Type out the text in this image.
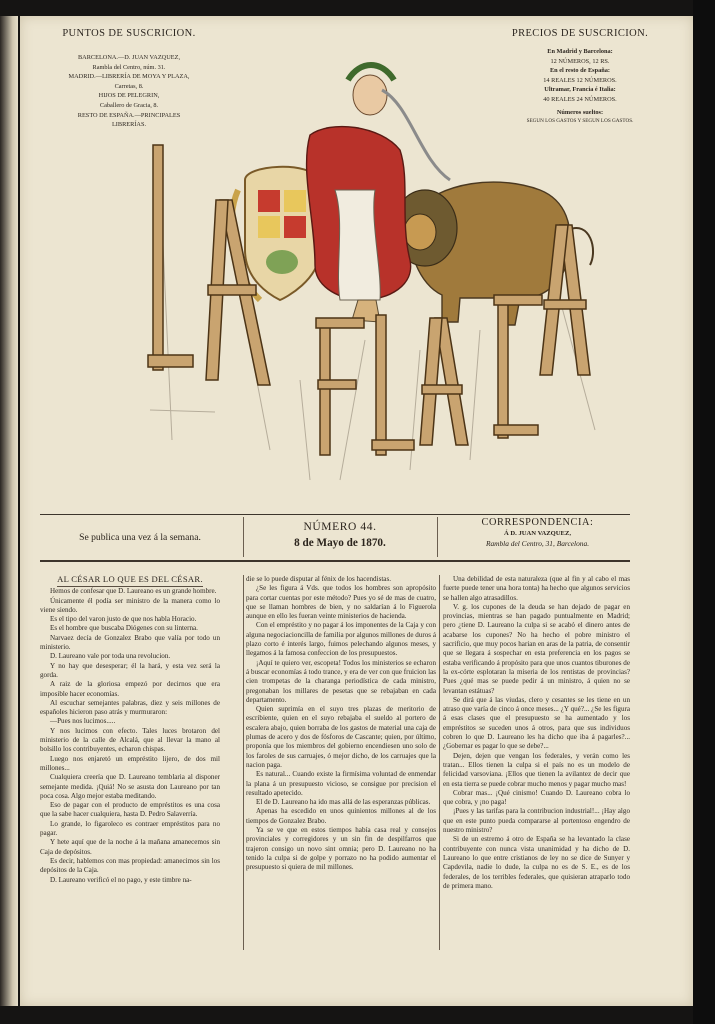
PUNTOS DE SUSCRICION.
BARCELONA.—D. JUAN VAZQUEZ,
Rambla del Centro, núm. 31.
MADRID.—LIBRERÍA DE MOYA Y PLAZA,
Carretas, 8.
HIJOS DE PELEGRIN,
Caballero de Gracia, 8.
RESTO DE ESPAÑA.—PRINCIPALES
LIBRERÍAS.
PRECIOS DE SUSCRICION.
En Madrid y Barcelona:
12 NÚMEROS, 12 RS.
En el resto de España:
14 REALES 12 NÚMEROS.
Ultramar, Francia é Italia:
40 REALES 24 NÚMEROS.
Números sueltos:
SEGUN LOS GASTOS Y SEGUN LOS GASTOS.
Se publica una vez á la semana.
NÚMERO 44.
8 de Mayo de 1870.
CORRESPONDENCIA:
Á D. JUAN VAZQUEZ,
Rambla del Centro, 31, Barcelona.

AL CÉSAR LO QUE ES DEL CÉSAR.

Hemos de confesar que D. Laureano es un grande hombre.

Únicamente él podía ser ministro de la manera como lo viene siendo.

Es el tipo del varon justo de que nos habla Horacio.

Es el hombre que buscaba Diógenes con su linterna.

Narvaez decía de Gonzalez Brabo que valía por todo un ministerio.

D. Laureano vale por toda una revolucion.

Y no hay que desesperar; él la hará, y esta vez será la gorda.

A raiz de la gloriosa empezó por decirnos que era imposible hacer economías.

Al escuchar semejantes palabras, diez y seis millones de españoles hicieron paso atrás y murmuraron:

—Pues nos lucimos.....

Y nos lucimos con efecto. Tales luces brotaron del ministerio de la calle de Alcalá, que al llevar la mano al bolsillo los contribuyentes, echaron chispas.

Luego nos enjaretó un empréstito lijero, de dos mil millones...

Cualquiera creería que D. Laureano temblaria al disponer semejante medida. ¡Quiá! No se asusta don Laureano por tan poca cosa. Algo mejor estaba meditando.

Eso de pagar con el producto de empréstitos es una cosa que la sabe hacer cualquiera, hasta D. Pedro Salaverría.

Lo grande, lo figaroleco es contraer empréstitos para no pagar.

Y hete aquí que de la noche á la mañana amanecemos sin Caja de depósitos.

Es decir, hablemos con mas propiedad: amanecimos sin los depósitos de la Caja.

D. Laureano verificó el no pago, y este timbre na-

die se lo puede disputar al fénix de los hacendistas.

¿Se les figura á Vds. que todos los hombres son apropósito para cortar cuentas por este método? Pues yo sé de mas de cuatro, que se llaman hombres de bien, y no saldarían á lo Figuerola aunque en ello les fueran veinte ministerios de hacienda.

Con el empréstito y no pagar á los imponentes de la Caja y con alguna negociacioncilla de familia por algunos millones de duros á plazo corto é interés largo, fuimos pelechando algunos meses, y llegamos á la famosa confeccion de los presupuestos.

¡Aquí te quiero ver, escopeta! Todos los ministerios se echaron á buscar economías á todo trance, y era de ver con que fruicion las cien trompetas de la charanga periodística de cada ministro, pregonaban los millares de pesetas que se rebajaban en cada departamento.

Quien suprimía en el suyo tres plazas de meritorio de escribiente, quien en el suyo rebajaba el sueldo al portero de escalera abajo, quien borraba de los gastos de material una caja de plumas de acero y dos de fósforos de Cascante; quien, por último, proponía que los miembros del gobierno encendiesen uno solo de los faroles de sus carruajes, ó mejor dicho, de los carruajes que la nacion paga.

Es natural... Cuando existe la firmísima voluntad de enmendar la plana á un presupuesto vicioso, se consigue por precision el resultado apetecido.

El de D. Laureano ha ido mas allá de las esperanzas públicas.

Apenas ha escedido en unos quinientos millones al de los tiempos de Gonzalez Brabo.

Ya se ve que en estos tiempos había casa real y consejos provinciales y corregidores y un sin fin de despilfarros que trajeron consigo un novo sint omnia; pero D. Laureano no ha tenido la culpa si de golpe y porrazo no ha podido aumentar el presupuesto si quiera de mil millones.

Una debilidad de esta naturaleza (que al fin y al cabo el mas fuerte puede tener una hora tonta) ha hecho que algunos servicios se hallen algo atrasadillos.

V. g. los cupones de la deuda se han dejado de pagar en provincias, mientras se han pagado puntualmente en Madrid; pero ¿tiene D. Laureano la culpa si se acabó el dinero antes de acabarse los cupones? No ha hecho el pobre ministro el sacrificio, que muy pocos harian en aras de la patria, de consentir que se llegara á sospechar en esta preferencia en los pagos se estaba verificando á propósito para que unos cuantos tiburones de la ex-córte esplotaran la miseria de los rentistas de provincias? Pues ¿qué mas se puede pedir á un ministro, á quien no se levantan estátuas?

Se dirá que á las viudas, clero y cesantes se les tiene en un atraso que varía de cinco á once meses... ¿Y qué?... ¿Se les figura á esas clases que el presupuesto se ha aumentado y los empréstitos se suceden unos á otros, para que sus individuos cobren lo que D. Laureano les ha dicho que iba á pagarles?... ¿Gobernar es pagar lo que se debe?...

Dejen, dejen que vengan los federales, y verán como les tratan... Ellos tienen la culpa si el país no es un modelo de felicidad varsoviana. ¡Ellos que tienen la avilantez de decir que en esta tierra se puede cobrar mucho menos y pagar mucho mas!

Cobrar mas... ¡Qué cinismo! Cuando D. Laureano cobra lo que cobra, y ¡no paga!

¡Pues y las tarifas para la contribucion industrial!... ¡Hay algo que en este punto pueda compararse al portentoso engendro de nuestro ministro?

Si de un estremo á otro de España se ha levantado la clase contribuyente con nunca vista unanimidad y ha dicho de D. Laureano lo que entre cristianos de ley no se dice de Sunyer y Capdevila, nadie lo dude, la culpa no es de S. E., es de los federales, de los terribles federales, que quisieran atraparlo todo de primera mano.
